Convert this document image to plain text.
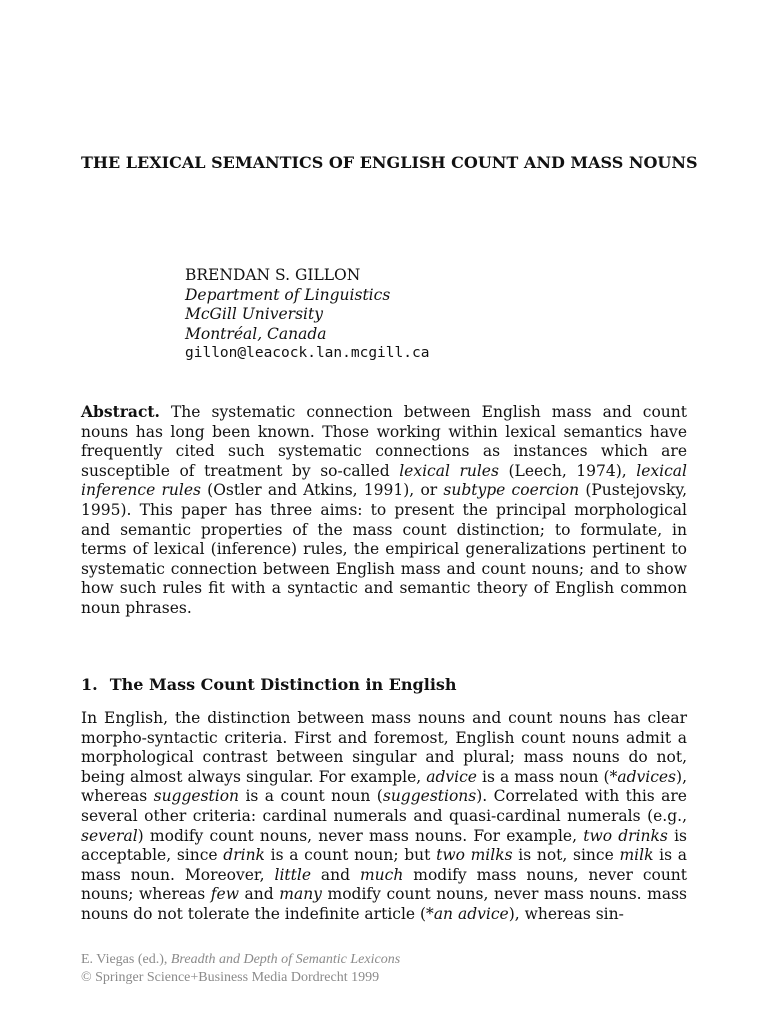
THE LEXICAL SEMANTICS OF ENGLISH COUNT AND MASS NOUNS
BRENDAN S. GILLON
Department of Linguistics
McGill University
Montréal, Canada
gillon@leacock.lan.mcgill.ca

Abstract. The systematic connection between English mass and count nouns has long been known. Those working within lexical semantics have frequently cited such systematic connections as instances which are susceptible of treatment by so-called lexical rules (Leech, 1974), lexical inference rules (Ostler and Atkins, 1991), or subtype coercion (Pustejovsky, 1995). This paper has three aims: to present the principal morphological and semantic properties of the mass count distinction; to formulate, in terms of lexical (inference) rules, the empirical generalizations pertinent to systematic connection between English mass and count nouns; and to show how such rules fit with a syntactic and semantic theory of English common noun phrases.

1. The Mass Count Distinction in English

In English, the distinction between mass nouns and count nouns has clear morpho-syntactic criteria. First and foremost, English count nouns admit a morphological contrast between singular and plural; mass nouns do not, being almost always singular. For example, advice is a mass noun (*advices), whereas suggestion is a count noun (suggestions). Correlated with this are several other criteria: cardinal numerals and quasi-cardinal numerals (e.g., several) modify count nouns, never mass nouns. For example, two drinks is acceptable, since drink is a count noun; but two milks is not, since milk is a mass noun. Moreover, little and much modify mass nouns, never count nouns; whereas few and many modify count nouns, never mass nouns. mass nouns do not tolerate the indefinite article (*an advice), whereas sin-

E. Viegas (ed.), Breadth and Depth of Semantic Lexicons
© Springer Science+Business Media Dordrecht 1999
